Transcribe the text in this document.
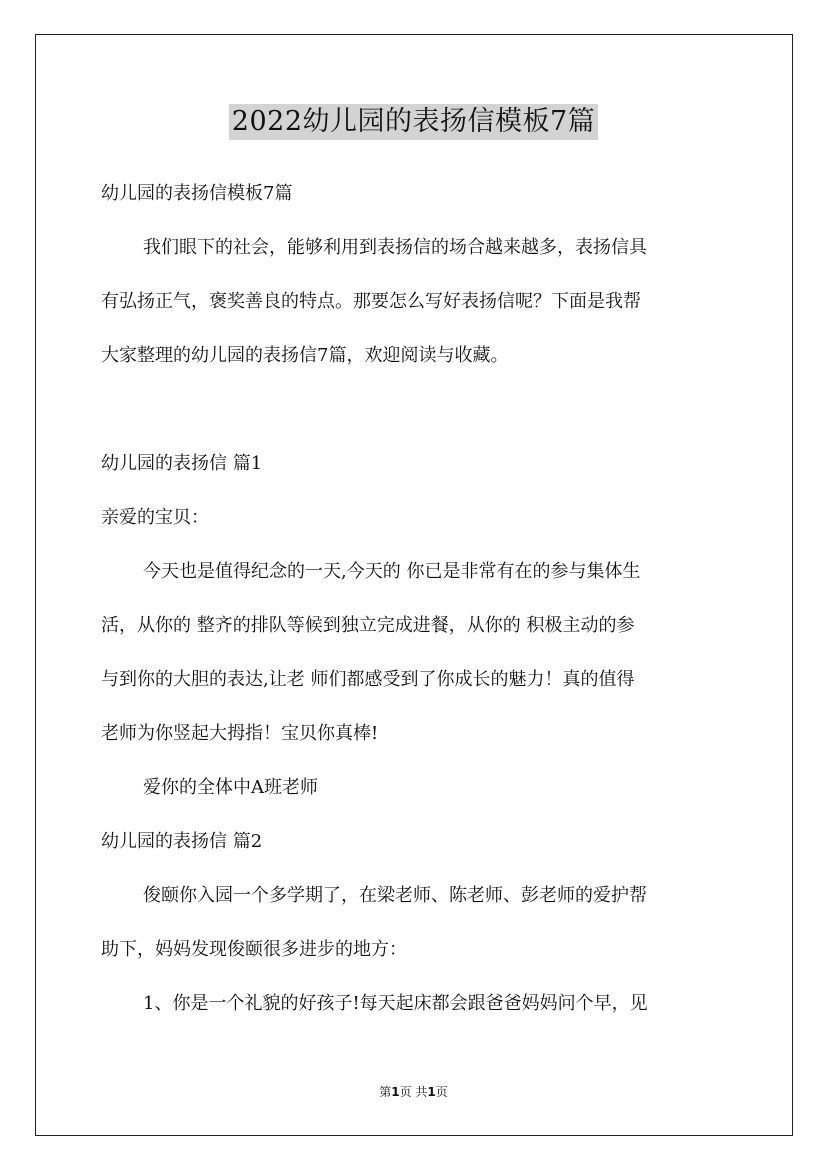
2022幼儿园的表扬信模板7篇
幼儿园的表扬信模板7篇
我们眼下的社会，能够利用到表扬信的场合越来越多，表扬信具
有弘扬正气，褒奖善良的特点。那要怎么写好表扬信呢？下面是我帮
大家整理的幼儿园的表扬信7篇，欢迎阅读与收藏。
幼儿园的表扬信 篇1
亲爱的宝贝：
今天也是值得纪念的一天,今天的 你已是非常有在的参与集体生
活，从你的 整齐的排队等候到独立完成进餐，从你的 积极主动的参
与到你的大胆的表达,让老 师们都感受到了你成长的魅力！真的值得
老师为你竖起大拇指！宝贝你真棒!
爱你的全体中A班老师
幼儿园的表扬信 篇2
俊颐你入园一个多学期了，在梁老师、陈老师、彭老师的爱护帮
助下，妈妈发现俊颐很多进步的地方：
1、你是一个礼貌的好孩子!每天起床都会跟爸爸妈妈问个早，见
第1页 共1页
